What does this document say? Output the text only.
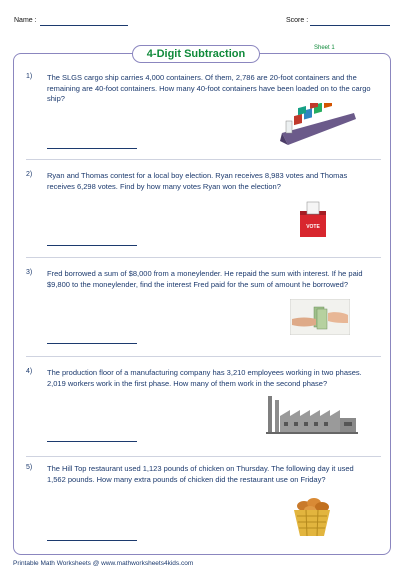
Name :	Score :
4-Digit Subtraction	Sheet 1
1) The SLGS cargo ship carries 4,000 containers. Of them, 2,786 are 20-foot containers and the remaining are 40-foot containers. How many 40-foot containers have been loaded on to the cargo ship?
2) Ryan and Thomas contest for a local boy election. Ryan receives 8,983 votes and Thomas receives 6,298 votes. Find by how many votes Ryan won the election?
VOTE
3) Fred borrowed a sum of $8,000 from a moneylender. He repaid the sum with interest. If he paid $9,800 to the moneylender, find the interest Fred paid for the sum of amount he borrowed?
4) The production floor of a manufacturing company has 3,210 employees working in two phases. 2,019 workers work in the first phase. How many of them work in the second phase?
5) The Hill Top restaurant used 1,123 pounds of chicken on Thursday. The following day it used 1,562 pounds. How many extra pounds of chicken did the restaurant use on Friday?
Printable Math Worksheets @ www.mathworksheets4kids.com
